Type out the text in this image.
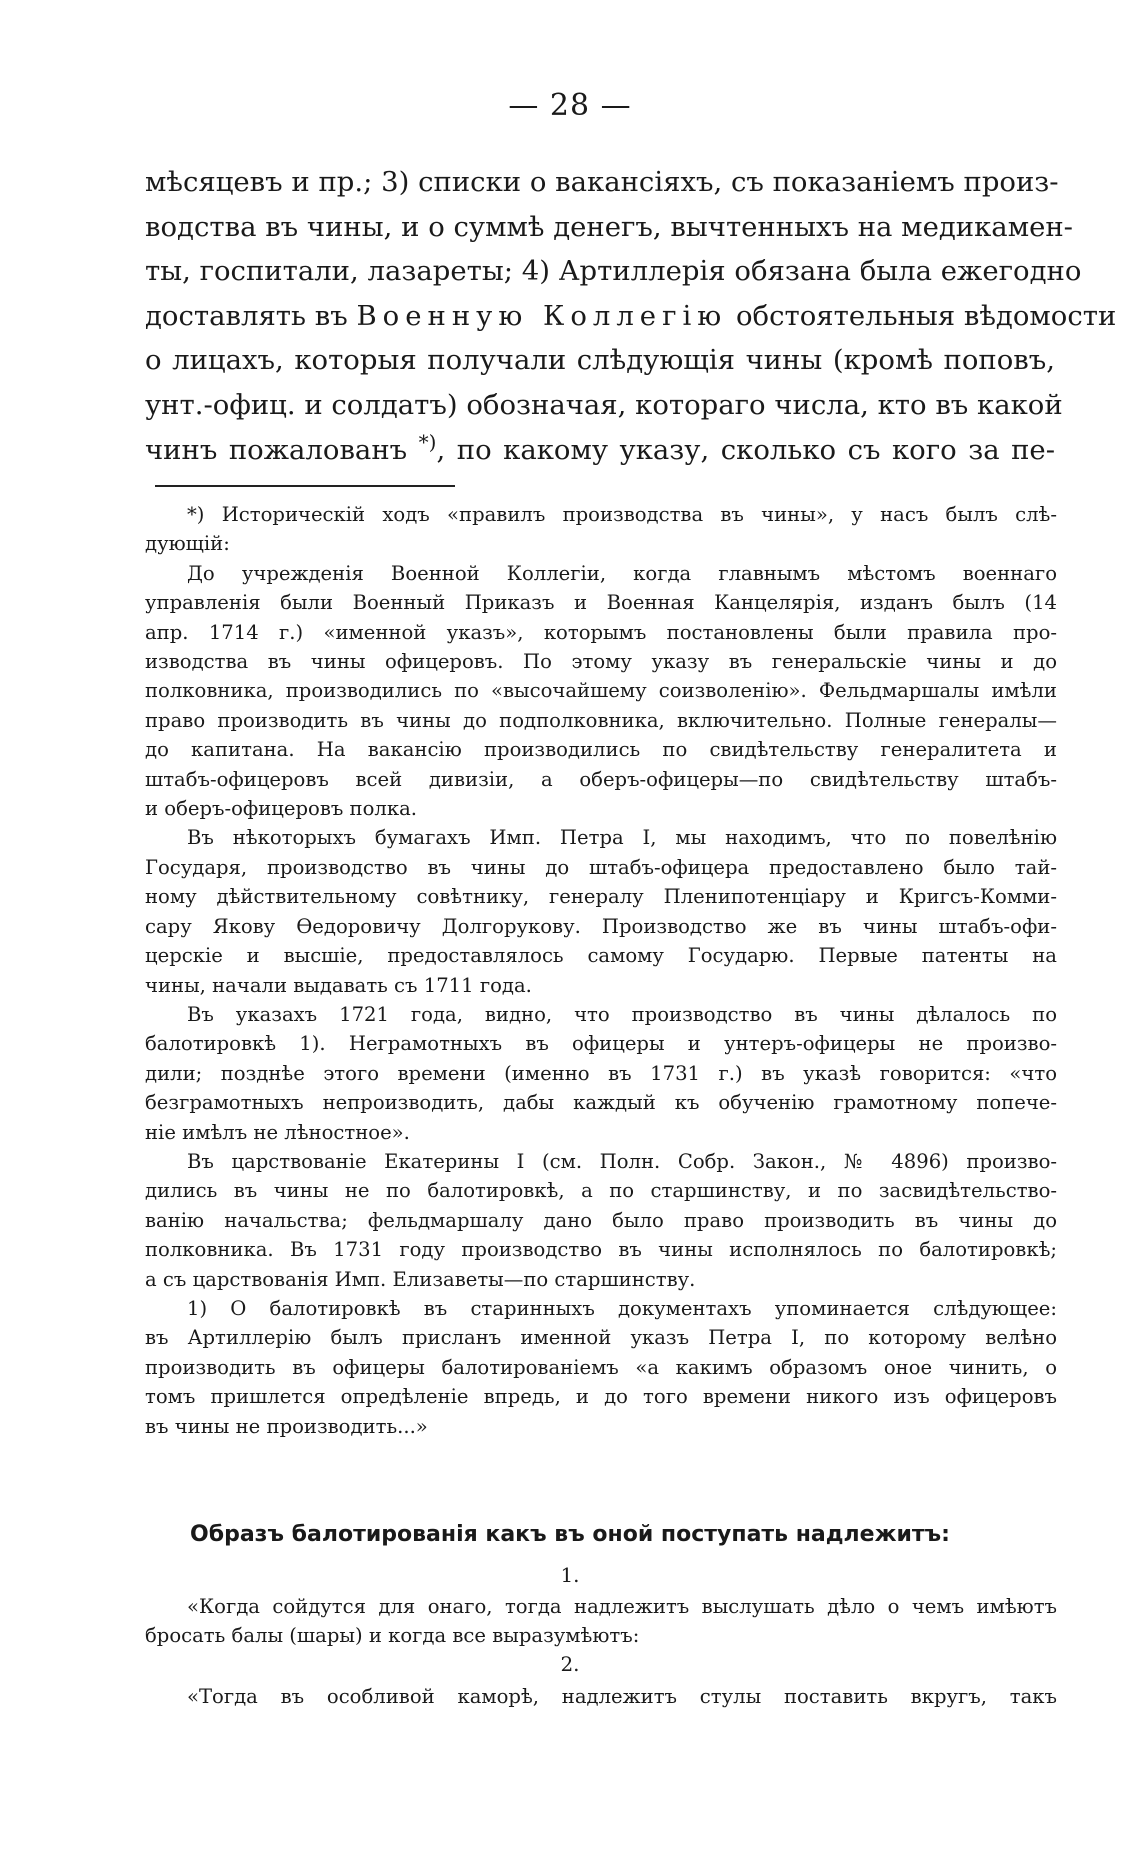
— 28 —
мѣсяцевъ и пр.; 3) списки о вакансіяхъ, съ показаніемъ произ-
водства въ чины, и о суммѣ денегъ, вычтенныхъ на медикамен-
ты, госпитали, лазареты; 4) Артиллерія обязана была ежегодно
доставлять въ Военную Коллегію обстоятельныя вѣдомости
о лицахъ, которыя получали слѣдующія чины (кромѣ поповъ,
унт.-офиц. и солдатъ) обозначая, котораго числа, кто въ какой
чинъ пожалованъ *), по какому указу, сколько съ кого за пе-
*) Историческій ходъ «правилъ производства въ чины», у насъ былъ слѣ-
дующій:
До учрежденія Военной Коллегіи, когда главнымъ мѣстомъ военнаго
управленія были Военный Приказъ и Военная Канцелярія, изданъ былъ (14
апр. 1714 г.) «именной указъ», которымъ постановлены были правила про-
изводства въ чины офицеровъ. По этому указу въ генеральскіе чины и до
полковника, производились по «высочайшему соизволенію». Фельдмаршалы имѣли
право производить въ чины до подполковника, включительно. Полные генералы—
до капитана. На вакансію производились по свидѣтельству генералитета и
штабъ-офицеровъ всей дивизіи, а оберъ-офицеры—по свидѣтельству штабъ-
и оберъ-офицеровъ полка.
Въ нѣкоторыхъ бумагахъ Имп. Петра I, мы находимъ, что по повелѣнію
Государя, производство въ чины до штабъ-офицера предоставлено было тай-
ному дѣйствительному совѣтнику, генералу Пленипотенціару и Кригсъ-Комми-
сару Якову Ѳедоровичу Долгорукову. Производство же въ чины штабъ-офи-
церскіе и высшіе, предоставлялось самому Государю. Первые патенты на
чины, начали выдавать съ 1711 года.
Въ указахъ 1721 года, видно, что производство въ чины дѣлалось по
балотировкѣ 1). Неграмотныхъ въ офицеры и унтеръ-офицеры не произво-
дили; позднѣе этого времени (именно въ 1731 г.) въ указѣ говорится: «что
безграмотныхъ непроизводить, дабы каждый къ обученію грамотному попече-
ніе имѣлъ не лѣностное».
Въ царствованіе Екатерины I (см. Полн. Собр. Закон., № 4896) произво-
дились въ чины не по балотировкѣ, а по старшинству, и по засвидѣтельство-
ванію начальства; фельдмаршалу дано было право производить въ чины до
полковника. Въ 1731 году производство въ чины исполнялось по балотировкѣ;
а съ царствованія Имп. Елизаветы—по старшинству.
1) О балотировкѣ въ старинныхъ документахъ упоминается слѣдующее:
въ Артиллерію былъ присланъ именной указъ Петра I, по которому велѣно
производить въ офицеры балотированіемъ «а какимъ образомъ оное чинить, о
томъ пришлется опредѣленіе впредь, и до того времени никого изъ офицеровъ
въ чины не производить...»
Образъ балотированія какъ въ оной поступать надлежитъ:
1.
«Когда сойдутся для онаго, тогда надлежитъ выслушать дѣло о чемъ имѣютъ
бросать балы (шары) и когда все выразумѣютъ:
2.
«Тогда въ особливой каморѣ, надлежитъ стулы поставить вкругъ, такъ
